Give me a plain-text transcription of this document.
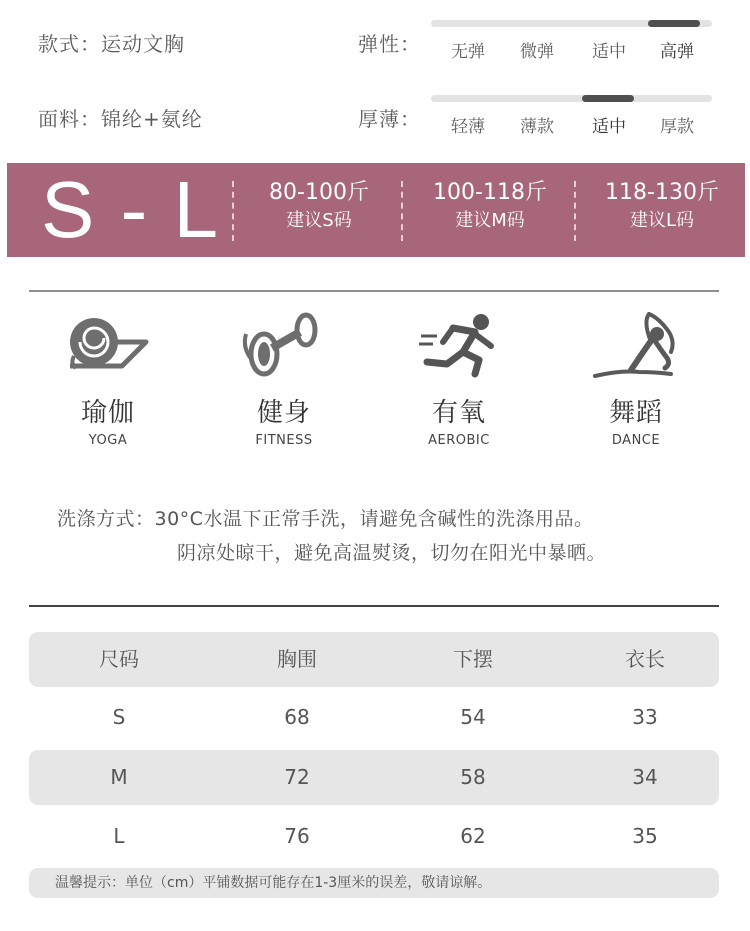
款式：运动文胸
面料：锦纶+氨纶
弹性：	无弹	微弹	适中	高弹
厚薄：	轻薄	薄款	适中	厚款
S - L	80-100斤
建议S码
100-118斤
建议M码
118-130斤
建议L码
瑜伽
YOGA
健身
FITNESS
有氧
AEROBIC
舞蹈
DANCE
洗涤方式：30°C水温下正常手洗，请避免含碱性的洗涤用品。
阴凉处晾干，避免高温熨烫，切勿在阳光中暴晒。
尺码	胸围	下摆	衣长
S	68	54	33
M	72	58	34
L	76	62	35
温馨提示：单位（cm）平铺数据可能存在1-3厘米的误差，敬请谅解。
